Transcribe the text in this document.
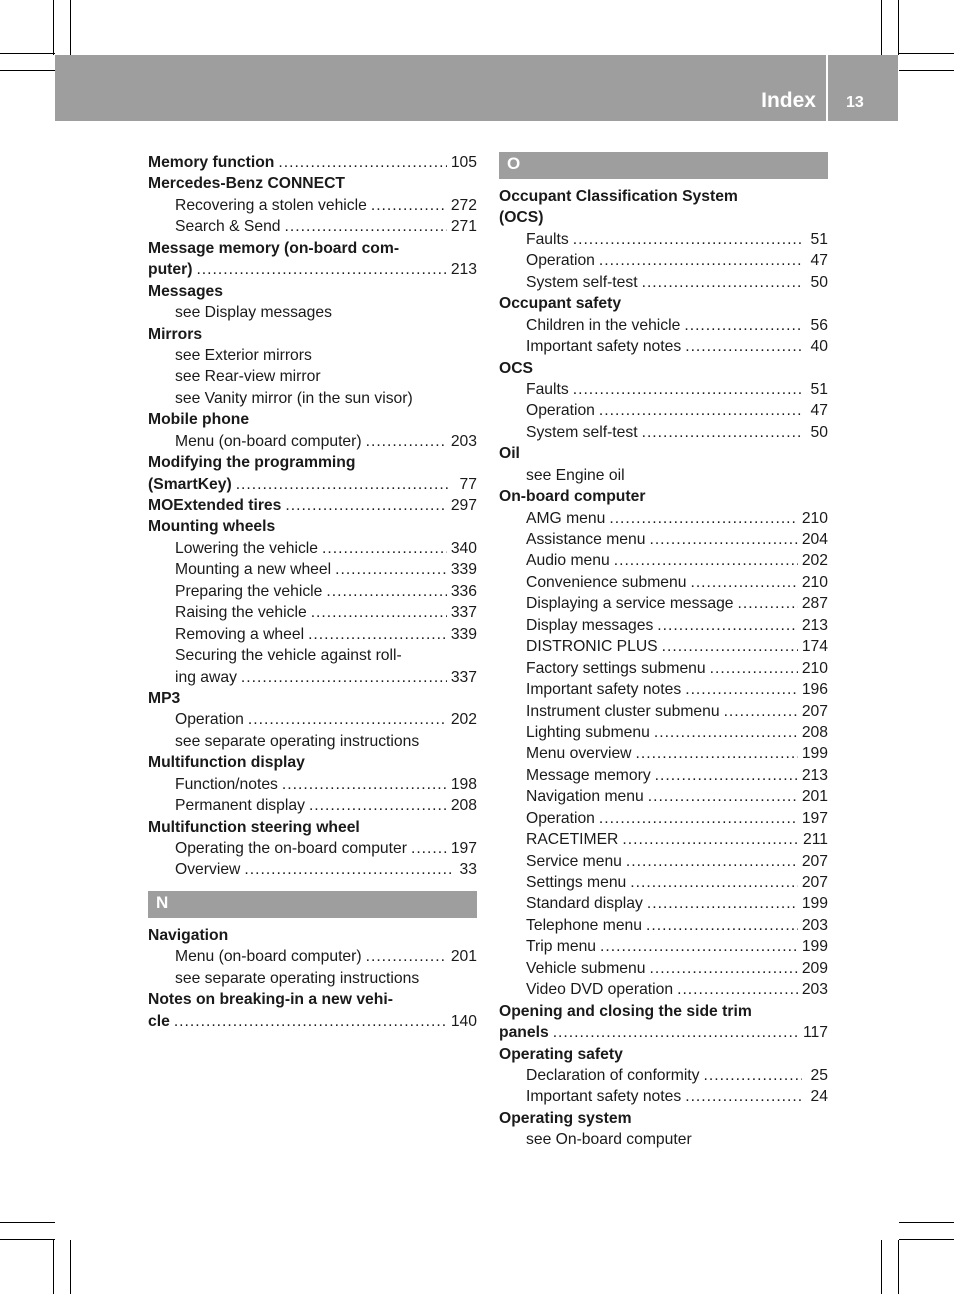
Index 13
Memory function .....	105
Mercedes-Benz CONNECT
Recovering a stolen vehicle .....	272
Search & Send .....	271
Message memory (on-board com-
puter) .....	213
Messages
see Display messages
Mirrors
see Exterior mirrors
see Rear-view mirror
see Vanity mirror (in the sun visor)
Mobile phone
Menu (on-board computer) .....	203
Modifying the programming
(SmartKey) .....	77
MOExtended tires .....	297
Mounting wheels
Lowering the vehicle .....	340
Mounting a new wheel .....	339
Preparing the vehicle .....	336
Raising the vehicle .....	337
Removing a wheel .....	339
Securing the vehicle against roll-
ing away .....	337
MP3
Operation .....	202
see separate operating instructions
Multifunction display
Function/notes .....	198
Permanent display .....	208
Multifunction steering wheel
Operating the on-board computer .....	197
Overview .....	33
N
Navigation
Menu (on-board computer) .....	201
see separate operating instructions
Notes on breaking-in a new vehi-
cle .....	140
O
Occupant Classification System
(OCS)
Faults .....	51
Operation .....	47
System self-test .....	50
Occupant safety
Children in the vehicle .....	56
Important safety notes .....	40
OCS
Faults .....	51
Operation .....	47
System self-test .....	50
Oil
see Engine oil
On-board computer
AMG menu .....	210
Assistance menu .....	204
Audio menu .....	202
Convenience submenu .....	210
Displaying a service message .....	287
Display messages .....	213
DISTRONIC PLUS .....	174
Factory settings submenu .....	210
Important safety notes .....	196
Instrument cluster submenu .....	207
Lighting submenu .....	208
Menu overview .....	199
Message memory .....	213
Navigation menu .....	201
Operation .....	197
RACETIMER .....	211
Service menu .....	207
Settings menu .....	207
Standard display .....	199
Telephone menu .....	203
Trip menu .....	199
Vehicle submenu .....	209
Video DVD operation .....	203
Opening and closing the side trim
panels .....	117
Operating safety
Declaration of conformity .....	25
Important safety notes .....	24
Operating system
see On-board computer
